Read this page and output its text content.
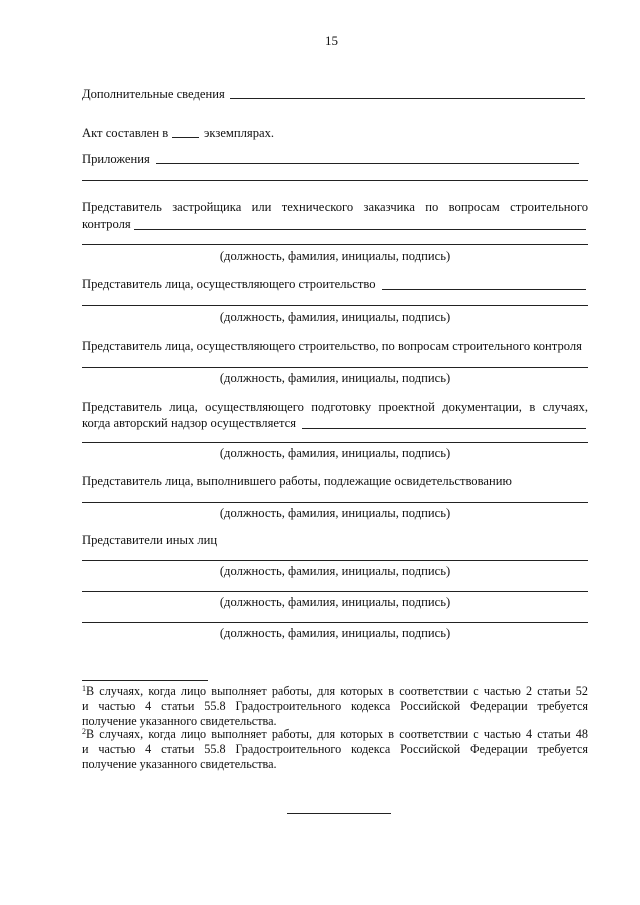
15
Дополнительные сведения
Акт составлен в	экземплярах.
Приложения
Представитель застройщика или технического заказчика по вопросам строительного
контроля
(должность, фамилия, инициалы, подпись)
Представитель лица, осуществляющего строительство
(должность, фамилия, инициалы, подпись)
Представитель лица, осуществляющего строительство, по вопросам строительного контроля
(должность, фамилия, инициалы, подпись)
Представитель лица, осуществляющего подготовку проектной документации, в случаях,
когда авторский надзор осуществляется
(должность, фамилия, инициалы, подпись)
Представитель лица, выполнившего работы, подлежащие освидетельствованию
(должность, фамилия, инициалы, подпись)
Представители иных лиц
(должность, фамилия, инициалы, подпись)
(должность, фамилия, инициалы, подпись)
(должность, фамилия, инициалы, подпись)
$^1$В случаях, когда лицо выполняет работы, для которых в соответствии с частью 2 статьи 52
и частью 4 статьи 55.8 Градостроительного кодекса Российской Федерации требуется
получение указанного свидетельства.
$^2$В случаях, когда лицо выполняет работы, для которых в соответствии с частью 4 статьи 48
и частью 4 статьи 55.8 Градостроительного кодекса Российской Федерации требуется
получение указанного свидетельства.
